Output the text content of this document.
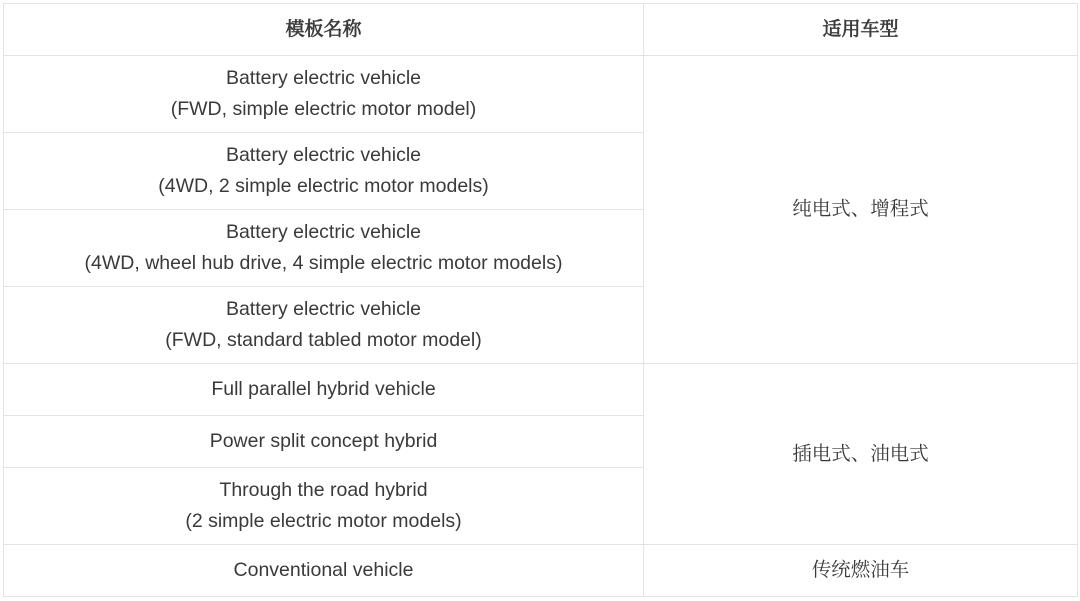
模板名称	适用车型

Battery electric vehicle
(FWD, simple electric motor model)	纯电式、增程式

Battery electric vehicle
(4WD, 2 simple electric motor models)	

Battery electric vehicle
(4WD, wheel hub drive, 4 simple electric motor models)	

Battery electric vehicle
(FWD, standard tabled motor model)	

Full parallel hybrid vehicle	插电式、油电式
Power split concept hybrid	

Through the road hybrid
(2 simple electric motor models)	

Conventional vehicle	传统燃油车
